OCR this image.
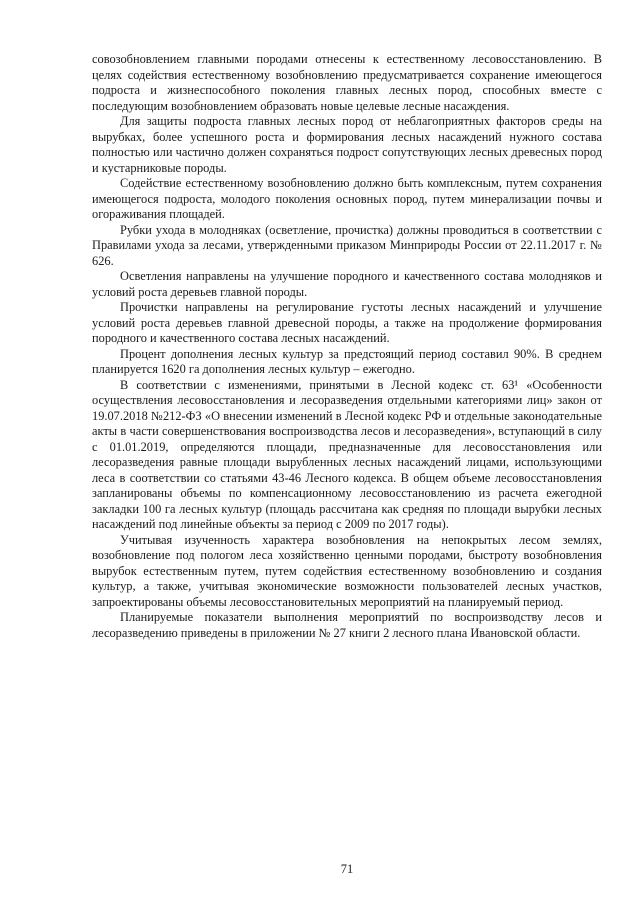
совозобновлением главными породами отнесены к естественному лесовосстановлению. В целях содействия естественному возобновлению предусматривается сохранение имеющегося подроста и жизнеспособного поколения главных лесных пород, способных вместе с последующим возобновлением образовать новые целевые лесные насаждения.

Для защиты подроста главных лесных пород от неблагоприятных факторов среды на вырубках, более успешного роста и формирования лесных насаждений нужного состава полностью или частично должен сохраняться подрост сопутствующих лесных древесных пород и кустарниковые породы.

Содействие естественному возобновлению должно быть комплексным, путем сохранения имеющегося подроста, молодого поколения основных пород, путем минерализации почвы и огораживания площадей.

Рубки ухода в молодняках (осветление, прочистка) должны проводиться в соответствии с Правилами ухода за лесами, утвержденными приказом Минприроды России от 22.11.2017 г. № 626.

Осветления направлены на улучшение породного и качественного состава молодняков и условий роста деревьев главной породы.

Прочистки направлены на регулирование густоты лесных насаждений и улучшение условий роста деревьев главной древесной породы, а также на продолжение формирования породного и качественного состава лесных насаждений.

Процент дополнения лесных культур за предстоящий период составил 90%. В среднем планируется 1620 га дополнения лесных культур – ежегодно.

В соответствии с изменениями, принятыми в Лесной кодекс ст. 63¹ «Особенности осуществления лесовосстановления и лесоразведения отдельными категориями лиц» закон от 19.07.2018 №212-ФЗ «О внесении изменений в Лесной кодекс РФ и отдельные законодательные акты в части совершенствования воспроизводства лесов и лесоразведения», вступающий в силу с 01.01.2019, определяются площади, предназначенные для лесовосстановления или лесоразведения равные площади вырубленных лесных насаждений лицами, использующими леса в соответствии со статьями 43-46 Лесного кодекса. В общем объеме лесовосстановления запланированы объемы по компенсационному лесовосстановлению из расчета ежегодной закладки 100 га лесных культур (площадь рассчитана как средняя по площади вырубки лесных насаждений под линейные объекты за период с 2009 по 2017 годы).

Учитывая изученность характера возобновления на непокрытых лесом землях, возобновление под пологом леса хозяйственно ценными породами, быстроту возобновления вырубок естественным путем, путем содействия естественному возобновлению и создания культур, а также, учитывая экономические возможности пользователей лесных участков, запроектированы объемы лесовосстановительных мероприятий на планируемый период.

Планируемые показатели выполнения мероприятий по воспроизводству лесов и лесоразведению приведены в приложении № 27 книги 2 лесного плана Ивановской области.

71
